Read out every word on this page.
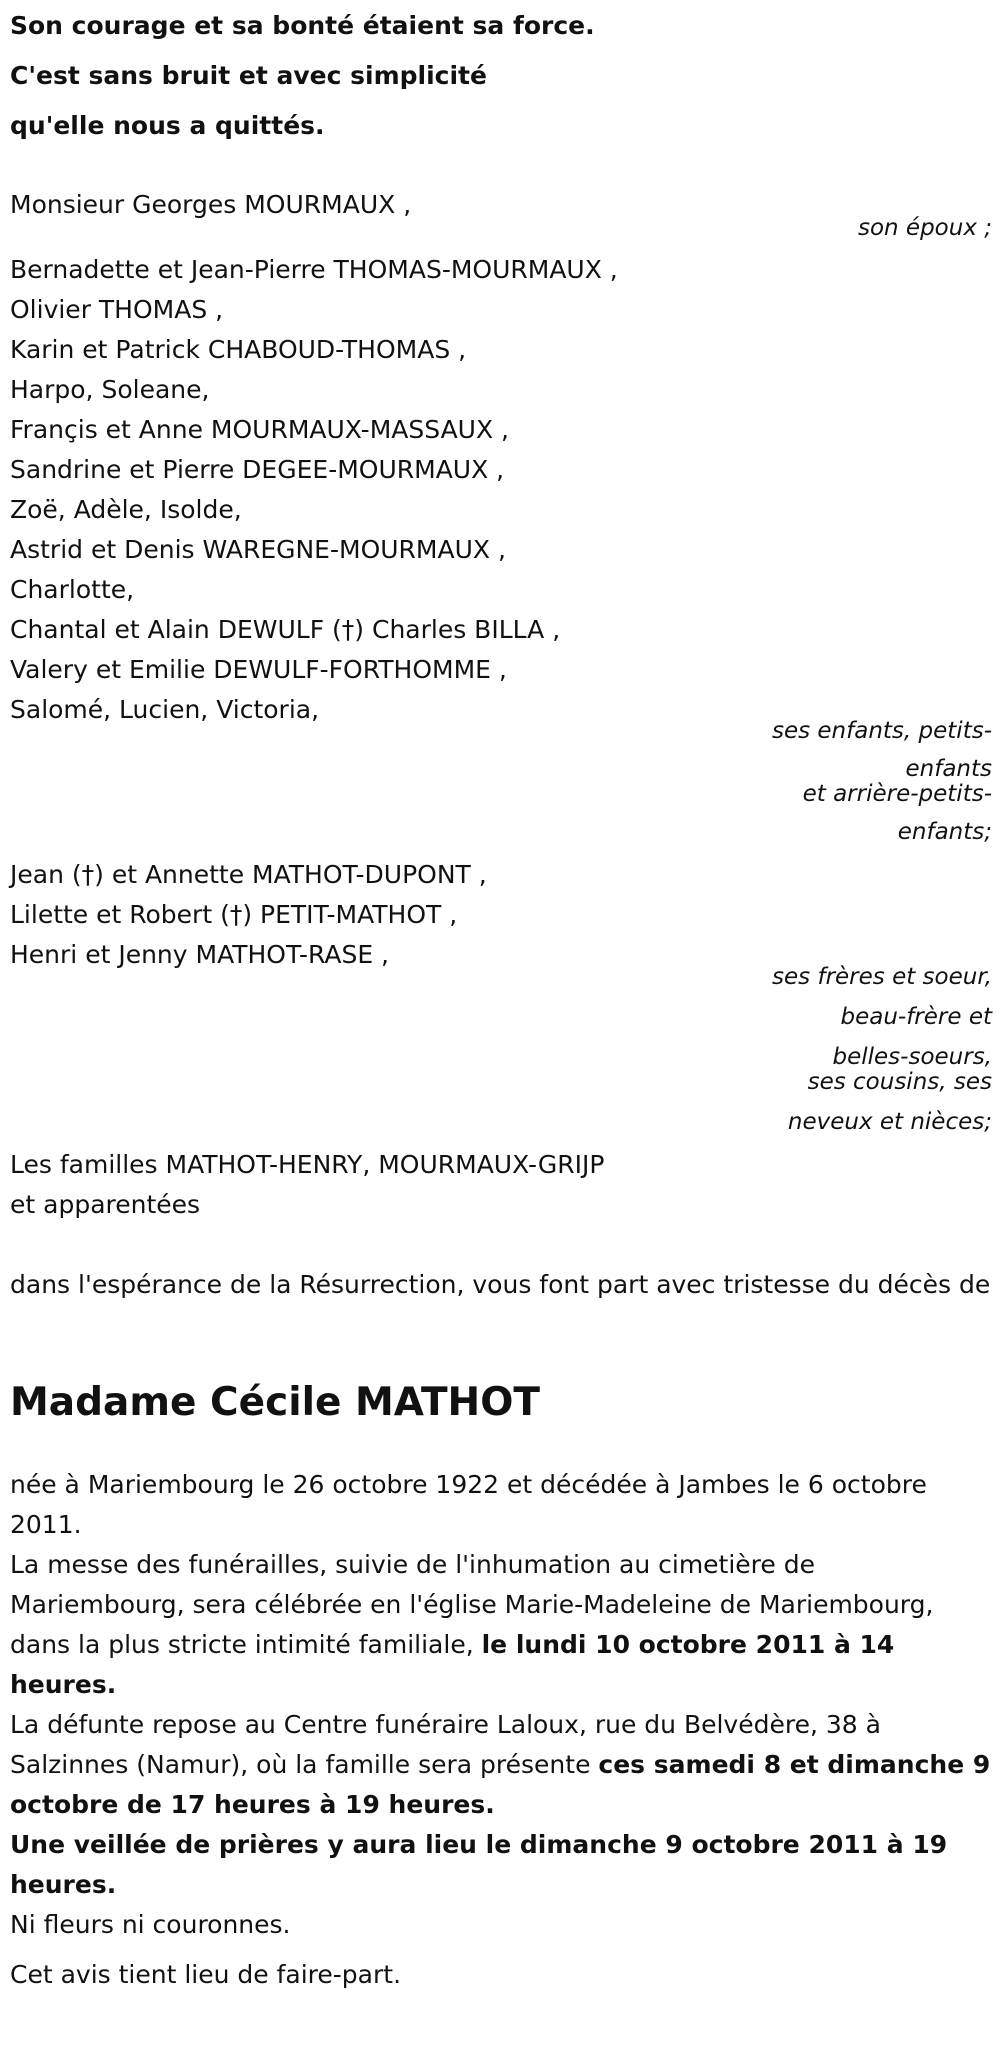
Son courage et sa bonté étaient sa force.
C'est sans bruit et avec simplicité
qu'elle nous a quittés.
Monsieur Georges MOURMAUX ,
son époux ;
Bernadette et Jean-Pierre THOMAS-MOURMAUX ,
Olivier THOMAS ,
Karin et Patrick CHABOUD-THOMAS ,
Harpo, Soleane,
Françis et Anne MOURMAUX-MASSAUX ,
Sandrine et Pierre DEGEE-MOURMAUX ,
Zoë, Adèle, Isolde,
Astrid et Denis WAREGNE-MOURMAUX ,
Charlotte,
Chantal et Alain DEWULF (†) Charles BILLA ,
Valery et Emilie DEWULF-FORTHOMME ,
Salomé, Lucien, Victoria,
ses enfants, petits-
enfants
et arrière-petits-
enfants;
Jean (†) et Annette MATHOT-DUPONT ,
Lilette et Robert (†) PETIT-MATHOT ,
Henri et Jenny MATHOT-RASE ,
ses frères et soeur,
beau-frère et
belles-soeurs,
ses cousins, ses
neveux et nièces;
Les familles MATHOT-HENRY, MOURMAUX-GRIJP
et apparentées
dans l'espérance de la Résurrection, vous font part avec tristesse du décès de
Madame Cécile MATHOT
née à Mariembourg le 26 octobre 1922 et décédée à Jambes le 6 octobre 2011.
La messe des funérailles, suivie de l'inhumation au cimetière de Mariembourg, sera célébrée en l'église Marie-Madeleine de Mariembourg, dans la plus stricte intimité familiale, le lundi 10 octobre 2011 à 14 heures.
La défunte repose au Centre funéraire Laloux, rue du Belvédère, 38 à Salzinnes (Namur), où la famille sera présente ces samedi 8 et dimanche 9 octobre de 17 heures à 19 heures.
Une veillée de prières y aura lieu le dimanche 9 octobre 2011 à 19 heures.
Ni fleurs ni couronnes.
Cet avis tient lieu de faire-part.
